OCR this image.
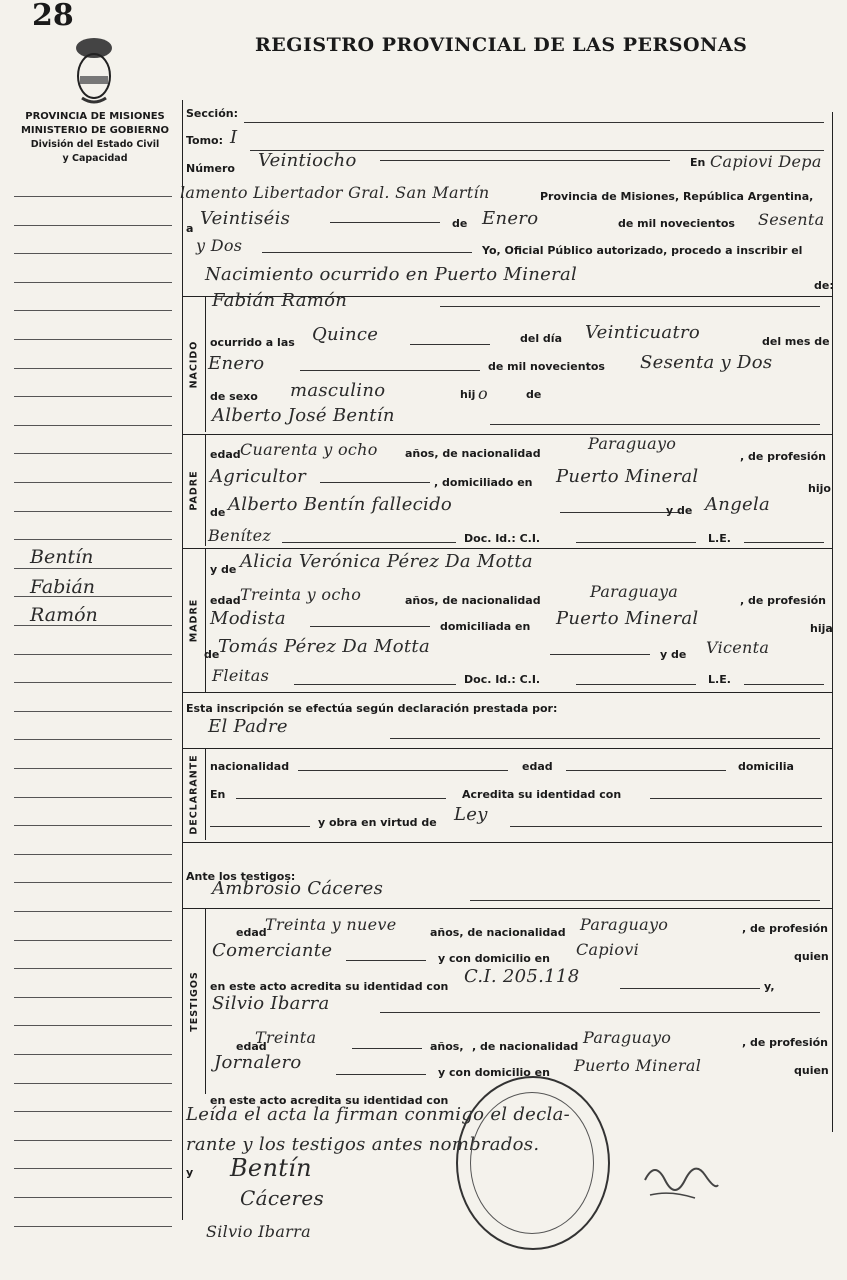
28
REGISTRO PROVINCIAL DE LAS PERSONAS
PROVINCIA DE MISIONES
MINISTERIO DE GOBIERNO
División del Estado Civil
y Capacidad
NACIDO
PADRE
MADRE
DECLARANTE
TESTIGOS
Bentín
Fabián
Ramón
Sección:
Tomo: I
Número Veintiocho	En Capiovi Depa
lamento Libertador Gral. San Martín	Provincia de Misiones, República Argentina,
a Veintiséis	de Enero	de mil novecientos Sesenta
y Dos	Yo, Oficial Público autorizado, procedo a inscribir el
Nacimiento ocurrido en Puerto Mineral
de:
Fabián Ramón
ocurrido a las Quince	del día Veinticuatro	del mes de
Enero	de mil novecientos Sesenta y Dos
de sexo masculino	hij o	de
Alberto José Bentín
edad Cuarenta y ocho años, de nacionalidad
Paraguayo
, de profesión
Agricultor	, domiciliado en Puerto Mineral
hijo
de Alberto Bentín fallecido	y de Angela
Benítez	Doc. Id.: C.I.	L.E.
y de Alicia Verónica Pérez Da Motta
edad Treinta y ocho	años, de nacionalidad	Paraguaya	, de profesión
Modista	domiciliada en Puerto Mineral	hija
de
Tomás Pérez Da Motta	y de Vicenta
Fleitas	Doc. Id.: C.I.	L.E.
Esta inscripción se efectúa según declaración prestada por:
El Padre
nacionalidad	edad	domicilia
En	Acredita su identidad con
y obra en virtud de Ley
Ante los testigos:
Ambrosio Cáceres
edad
Treinta y nueve	años, de nacionalidad Paraguayo	, de profesión
Comerciante	y con domicilio en Capiovi	quien
en este acto acredita su identidad con C.I. 205.118	y,
Silvio Ibarra
edad
Treinta	años, , de nacionalidad Paraguayo	, de profesión
Jornalero	y con domicilio en Puerto Mineral	quien
en este acto acredita su identidad con
Leída el acta la firman conmigo el decla-
rante y los testigos antes nombrados.
y Bentín
Cáceres
Silvio Ibarra
